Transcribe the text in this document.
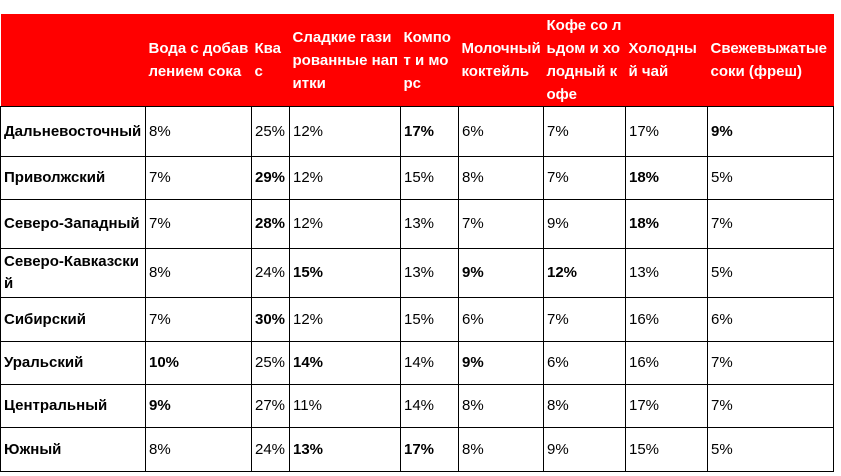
	Вода с добавлением сока	Квас	Сладкие газированные напитки	Компот и морс	Молочный коктейль	Кофе со льдом и холодный кофе	Холодный чай	Свежевыжатые соки (фреш)
Дальневосточный	8%	25%	12%	17%	6%	7%	17%	9%
Приволжский	7%	29%	12%	15%	8%	7%	18%	5%
Северо-Западный	7%	28%	12%	13%	7%	9%	18%	7%
Северо-Кавказский	8%	24%	15%	13%	9%	12%	13%	5%
Сибирский	7%	30%	12%	15%	6%	7%	16%	6%
Уральский	10%	25%	14%	14%	9%	6%	16%	7%
Центральный	9%	27%	11%	14%	8%	8%	17%	7%
Южный	8%	24%	13%	17%	8%	9%	15%	5%
